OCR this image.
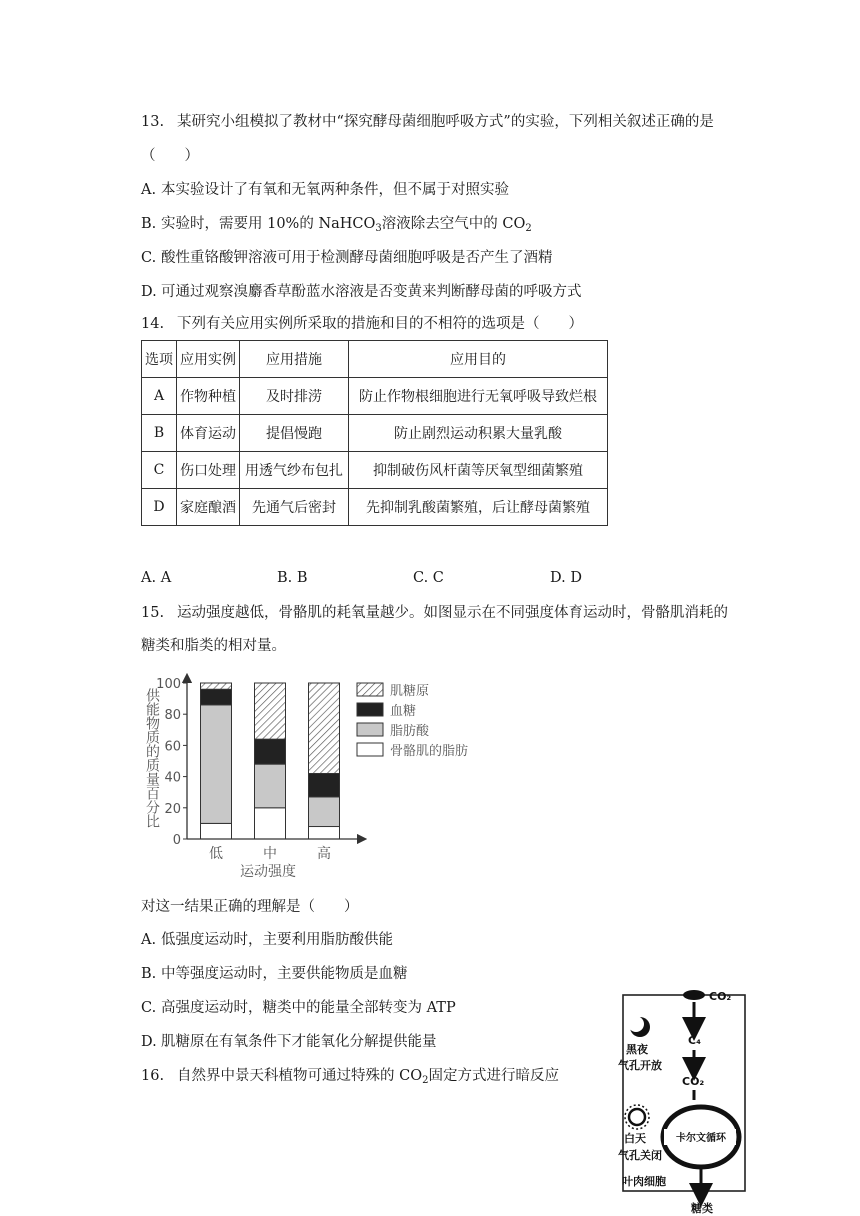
13. 某研究小组模拟了教材中“探究酵母菌细胞呼吸方式”的实验，下列相关叙述正确的是
（　　）
A. 本实验设计了有氧和无氧两种条件，但不属于对照实验
B. 实验时，需要用 10%的 NaHCO$_3$溶液除去空气中的 $CO_2$
C. 酸性重铬酸钾溶液可用于检测酵母菌细胞呼吸是否产生了酒精
D. 可通过观察溴麝香草酚蓝水溶液是否变黄来判断酵母菌的呼吸方式
14. 下列有关应用实例所采取的措施和目的不相符的选项是（　　）
选项	应用实例	应用措施	应用目的
A	作物种植	及时排涝	防止作物根细胞进行无氧呼吸导致烂根
B	体育运动	提倡慢跑	防止剧烈运动积累大量乳酸
C	伤口处理	用透气纱布包扎	抑制破伤风杆菌等厌氧型细菌繁殖
D	家庭酿酒	先通气后密封	先抑制乳酸菌繁殖，后让酵母菌繁殖
A. A	B. B	C. C	D. D
15. 运动强度越低，骨骼肌的耗氧量越少。如图显示在不同强度体育运动时，骨骼肌消耗的
糖类和脂类的相对量。
0
20
40
60
80
100
低	中	高
供能物质的质量百分比
运动强度
肌糖原
血糖
脂肪酸
骨骼肌的脂肪
对这一结果正确的理解是（　　）
A. 低强度运动时，主要利用脂肪酸供能
B. 中等强度运动时，主要供能物质是血糖
C. 高强度运动时，糖类中的能量全部转变为 ATP
D. 肌糖原在有氧条件下才能氧化分解提供能量
16. 自然界中景天科植物可通过特殊的 $CO_2$固定方式进行暗反应
CO₂
C₄
CO₂
黑夜
气孔开放
白天
气孔关闭
卡尔文循环
叶肉细胞
糖类
